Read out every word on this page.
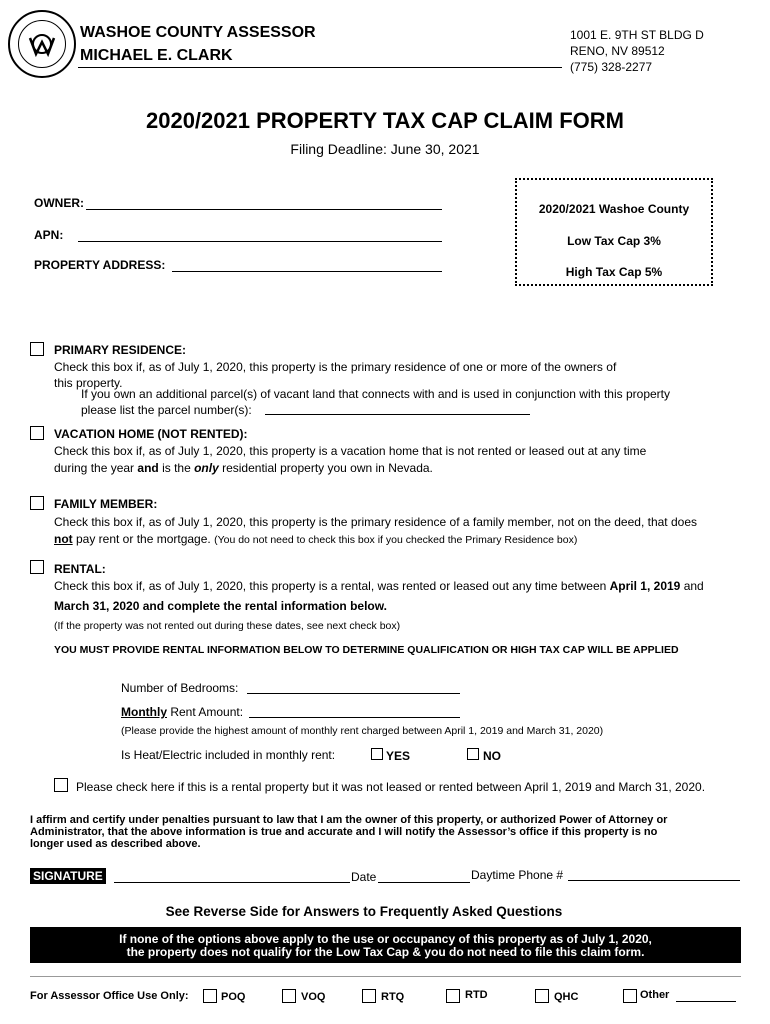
WASHOE COUNTY ASSESSOR
MICHAEL E. CLARK
1001 E. 9TH ST BLDG D
RENO, NV 89512
(775) 328-2277
2020/2021 PROPERTY TAX CAP CLAIM FORM
Filing Deadline: June 30, 2021
OWNER:
APN:
PROPERTY ADDRESS:
2020/2021 Washoe County
Low Tax Cap 3%
High Tax Cap 5%
PRIMARY RESIDENCE:
Check this box if, as of July 1, 2020, this property is the primary residence of one or more of the owners of
this property.
If you own an additional parcel(s) of vacant land that connects with and is used in conjunction with this property
please list the parcel number(s):
VACATION HOME (NOT RENTED):
Check this box if, as of July 1, 2020, this property is a vacation home that is not rented or leased out at any time
during the year and is the only residential property you own in Nevada.
FAMILY MEMBER:
Check this box if, as of July 1, 2020, this property is the primary residence of a family member, not on the deed, that does
not pay rent or the mortgage. (You do not need to check this box if you checked the Primary Residence box)
RENTAL:
Check this box if, as of July 1, 2020, this property is a rental, was rented or leased out any time between April 1, 2019 and
March 31, 2020 and complete the rental information below.
(If the property was not rented out during these dates, see next check box)
YOU MUST PROVIDE RENTAL INFORMATION BELOW TO DETERMINE QUALIFICATION OR HIGH TAX CAP WILL BE APPLIED
Number of Bedrooms:
Monthly Rent Amount:
(Please provide the highest amount of monthly rent charged between April 1, 2019 and March 31, 2020)
Is Heat/Electric included in monthly rent:	YES	NO
Please check here if this is a rental property but it was not leased or rented between April 1, 2019 and March 31, 2020.
I affirm and certify under penalties pursuant to law that I am the owner of this property, or authorized Power of Attorney or
Administrator, that the above information is true and accurate and I will notify the Assessor’s office if this property is no
longer used as described above.
SIGNATURE	Date	Daytime Phone #
See Reverse Side for Answers to Frequently Asked Questions
If none of the options above apply to the use or occupancy of this property as of July 1, 2020,
the property does not qualify for the Low Tax Cap & you do not need to file this claim form.
For Assessor Office Use Only:	POQ	VOQ	RTQ	RTD	QHC	Other
